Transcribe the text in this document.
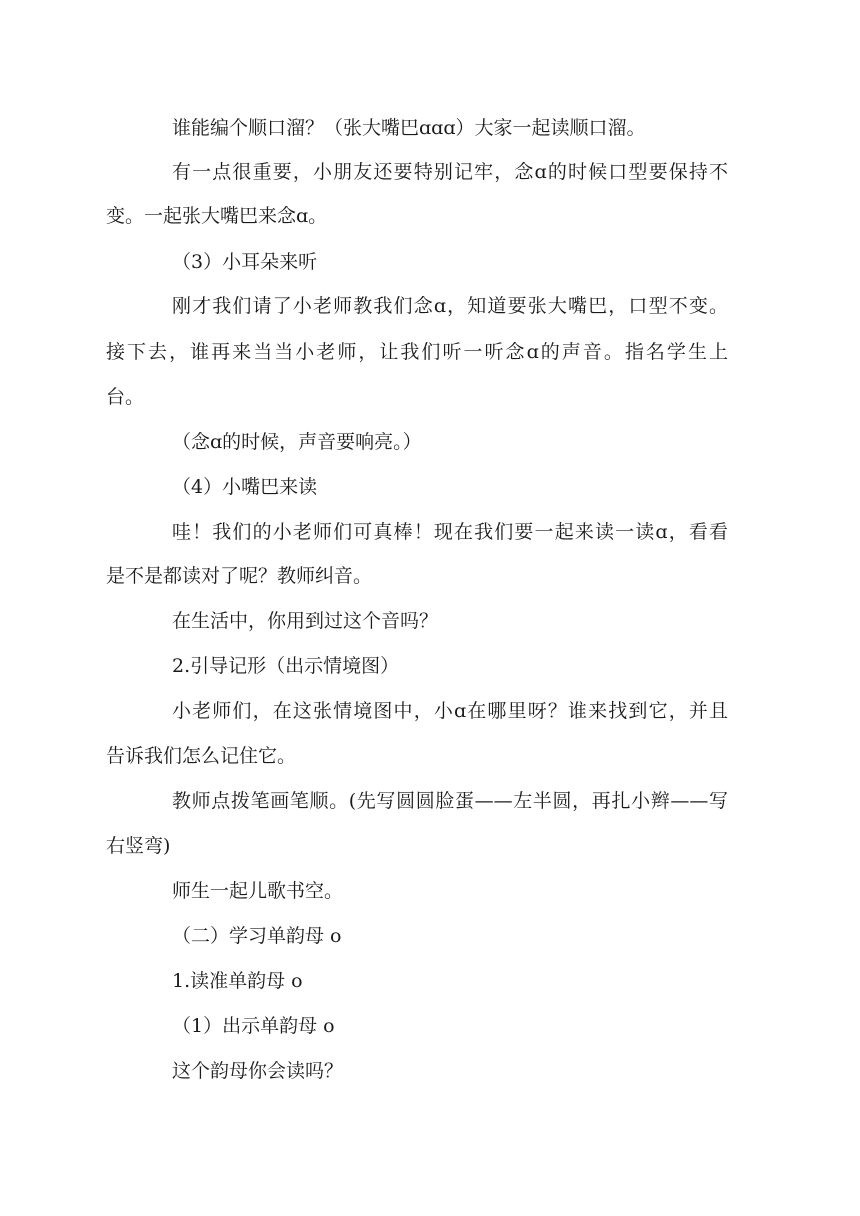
谁能编个顺口溜？（张大嘴巴ɑɑɑ）大家一起读顺口溜。
有一点很重要，小朋友还要特别记牢，念ɑ的时候口型要保持不
变。一起张大嘴巴来念ɑ。
（3）小耳朵来听
刚才我们请了小老师教我们念ɑ，知道要张大嘴巴，口型不变。
接下去，谁再来当当小老师，让我们听一听念ɑ的声音。指名学生上
台。
（念ɑ的时候，声音要响亮。）
（4）小嘴巴来读
哇！我们的小老师们可真棒！现在我们要一起来读一读ɑ，看看
是不是都读对了呢？教师纠音。
在生活中，你用到过这个音吗？
2.引导记形（出示情境图）
小老师们，在这张情境图中，小ɑ在哪里呀？谁来找到它，并且
告诉我们怎么记住它。
教师点拨笔画笔顺。(先写圆圆脸蛋——左半圆，再扎小辫——写
右竖弯)
师生一起儿歌书空。
（二）学习单韵母 o
1.读准单韵母 o
（1）出示单韵母 o
这个韵母你会读吗？
